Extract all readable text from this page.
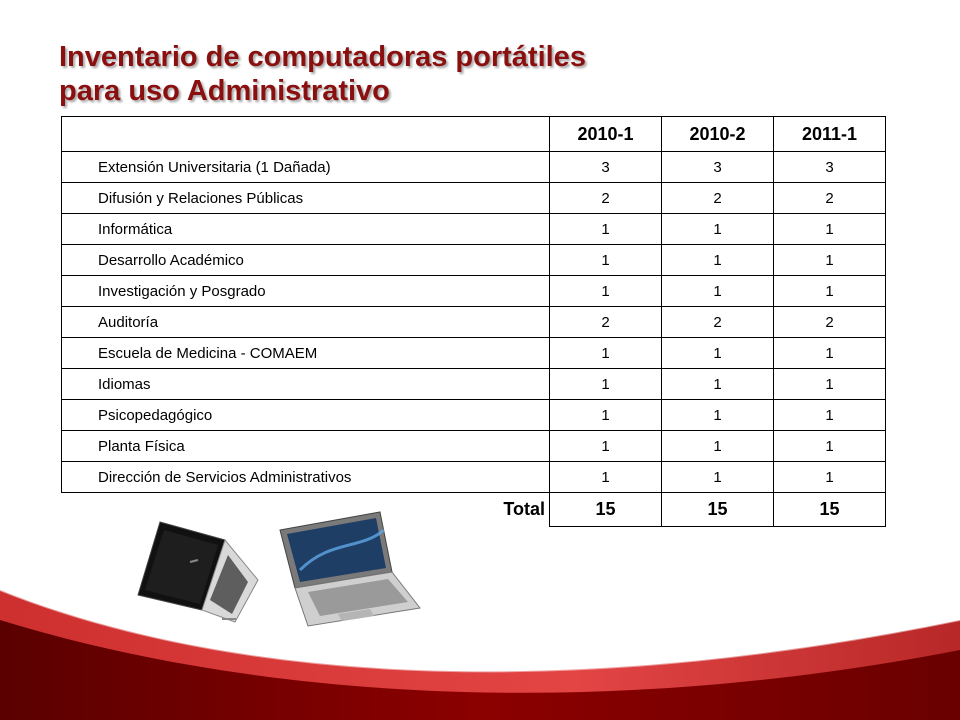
Inventario de computadoras portátiles
para uso Administrativo
	2010-1	2010-2	2011-1
Extensión Universitaria (1 Dañada)	3	3	3
Difusión y Relaciones Públicas	2	2	2
Informática	1	1	1
Desarrollo Académico	1	1	1
Investigación y Posgrado	1	1	1
Auditoría	2	2	2
Escuela de Medicina - COMAEM	1	1	1
Idiomas	1	1	1
Psicopedagógico	1	1	1
Planta Física	1	1	1
Dirección de Servicios Administrativos	1	1	1
Total	15	15	15
